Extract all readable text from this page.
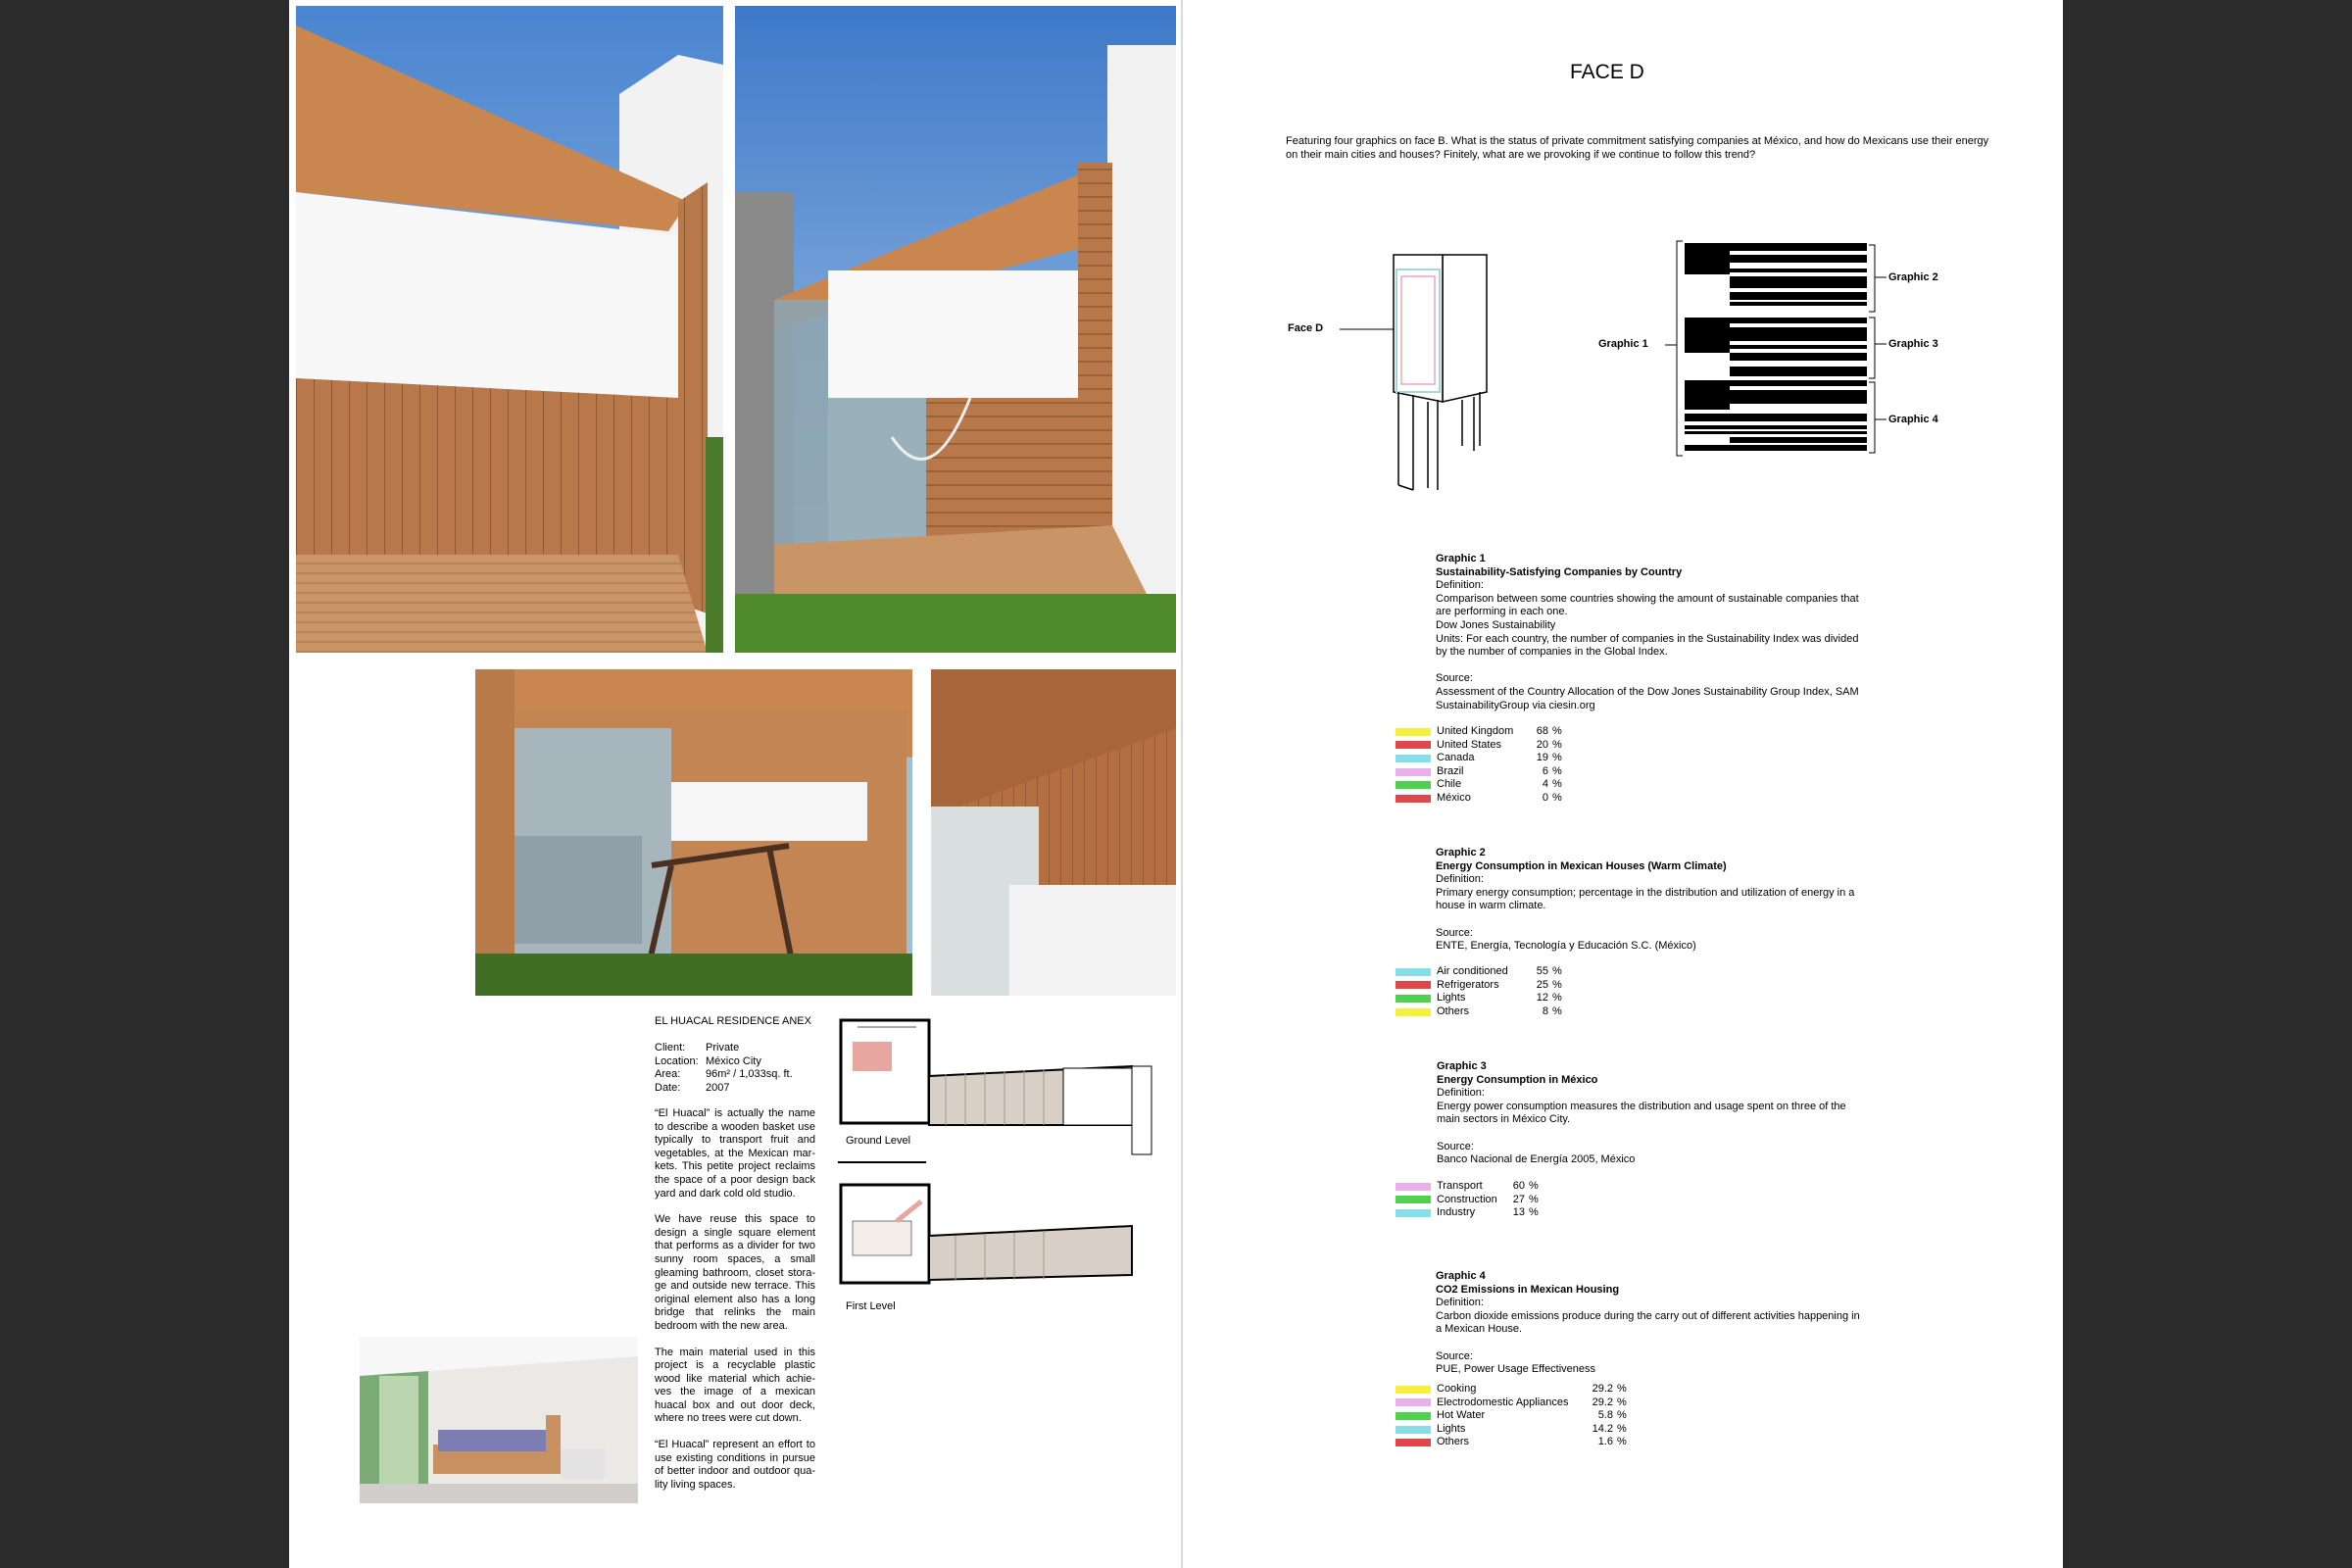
EL HUACAL RESIDENCE ANEX
Client:	Private
Location: México City
Area:	96m² / 1,033sq. ft.
Date:	2007

“El Huacal” is actually the name to describe a wooden basket use typically to transport fruit and vegetables, at the Mexican mar-kets. This petite project reclaims the space of a poor design back yard and dark cold old studio.

We have reuse this space to design a single square element that performs as a divider for two sunny room spaces, a small gleaming bathroom, closet stora-ge and outside new terrace. This original element also has a long bridge that relinks the main bedroom with the new area.

The main material used in this project is a recyclable plastic wood like material which achie-ves the image of a mexican huacal box and out door deck, where no trees were cut down.

“El Huacal” represent an effort to use existing conditions in pursue of better indoor and outdoor qua-lity living spaces.

Ground Level
First Level
FACE D
Featuring four graphics on face B. What is the status of private commitment satisfying companies at México, and how do Mexicans use their energy on their main cities and houses? Finitely, what are we provoking if we continue to follow this trend?
Face D
Graphic 1
Graphic 2
Graphic 3
Graphic 4
Graphic 1
Sustainability-Satisfying Companies by Country
Definition:
Comparison between some countries showing the amount of sustainable companies that
are performing in each one.
Dow Jones Sustainability
Units: For each country, the number of companies in the Sustainability Index was divided
by the number of companies in the Global Index.
Source:
Assessment of the Country Allocation of the Dow Jones Sustainability Group Index, SAM
SustainabilityGroup via ciesin.org
United Kingdom	68 %
United States	20 %
Canada	19 %
Brazil	6 %
Chile	4 %
México	0 %
Graphic 2
Energy Consumption in Mexican Houses (Warm Climate)
Definition:
Primary energy consumption; percentage in the distribution and utilization of energy in a
house in warm climate.
Source:
ENTE, Energía, Tecnología y Educación S.C. (México)
Air conditioned	55 %
Refrigerators	25 %
Lights	12 %
Others	8 %
Graphic 3
Energy Consumption in México
Definition:
Energy power consumption measures the distribution and usage spent on three of the
main sectors in México City.
Source:
Banco Nacional de Energía 2005, México
Transport	60 %
Construction	27 %
Industry	13 %
Graphic 4
CO2 Emissions in Mexican Housing
Definition:
Carbon dioxide emissions produce during the carry out of different activities happening in
a Mexican House.
Source:
PUE, Power Usage Effectiveness
Cooking	29.2 %
Electrodomestic Appliances	29.2 %
Hot Water	5.8 %
Lights	14.2 %
Others	1.6 %
